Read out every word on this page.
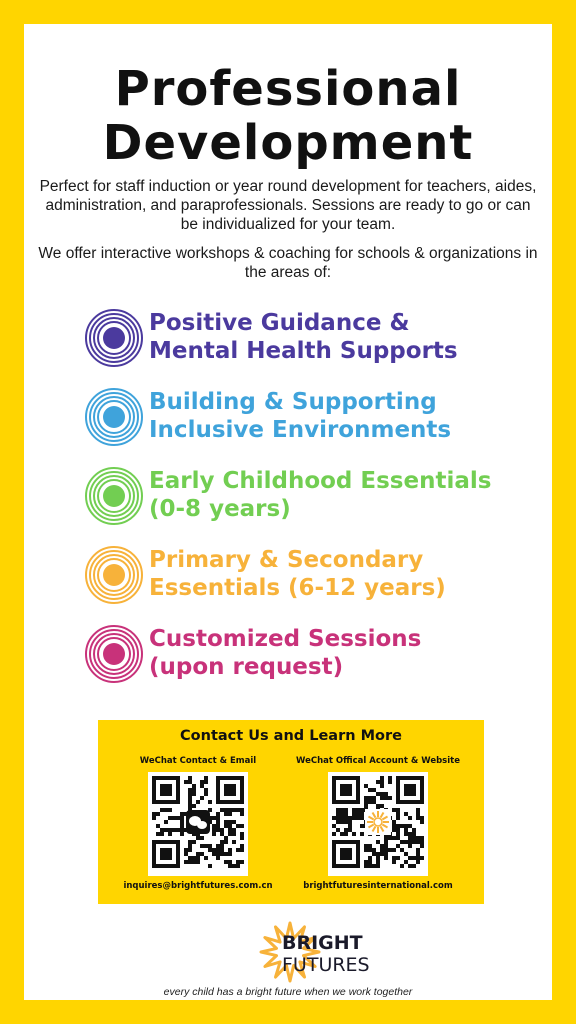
Professional
Development

Perfect for staff induction or year round development for teachers, aides, administration, and paraprofessionals. Sessions are ready to go or can be individualized for your team.

We offer interactive workshops & coaching for schools & organizations in the areas of:

Positive Guidance &
Mental Health Supports
Building & Supporting
Inclusive Environments
Early Childhood Essentials
(0-8 years)
Primary & Secondary
Essentials (6-12 years)
Customized Sessions
(upon request)
Contact Us and Learn More
WeChat Contact & Email
inquires@brightfutures.com.cn
WeChat Offical Account & Website
brightfuturesinternational.com
BRIGHT
FUTURES
every child has a bright future when we work together
